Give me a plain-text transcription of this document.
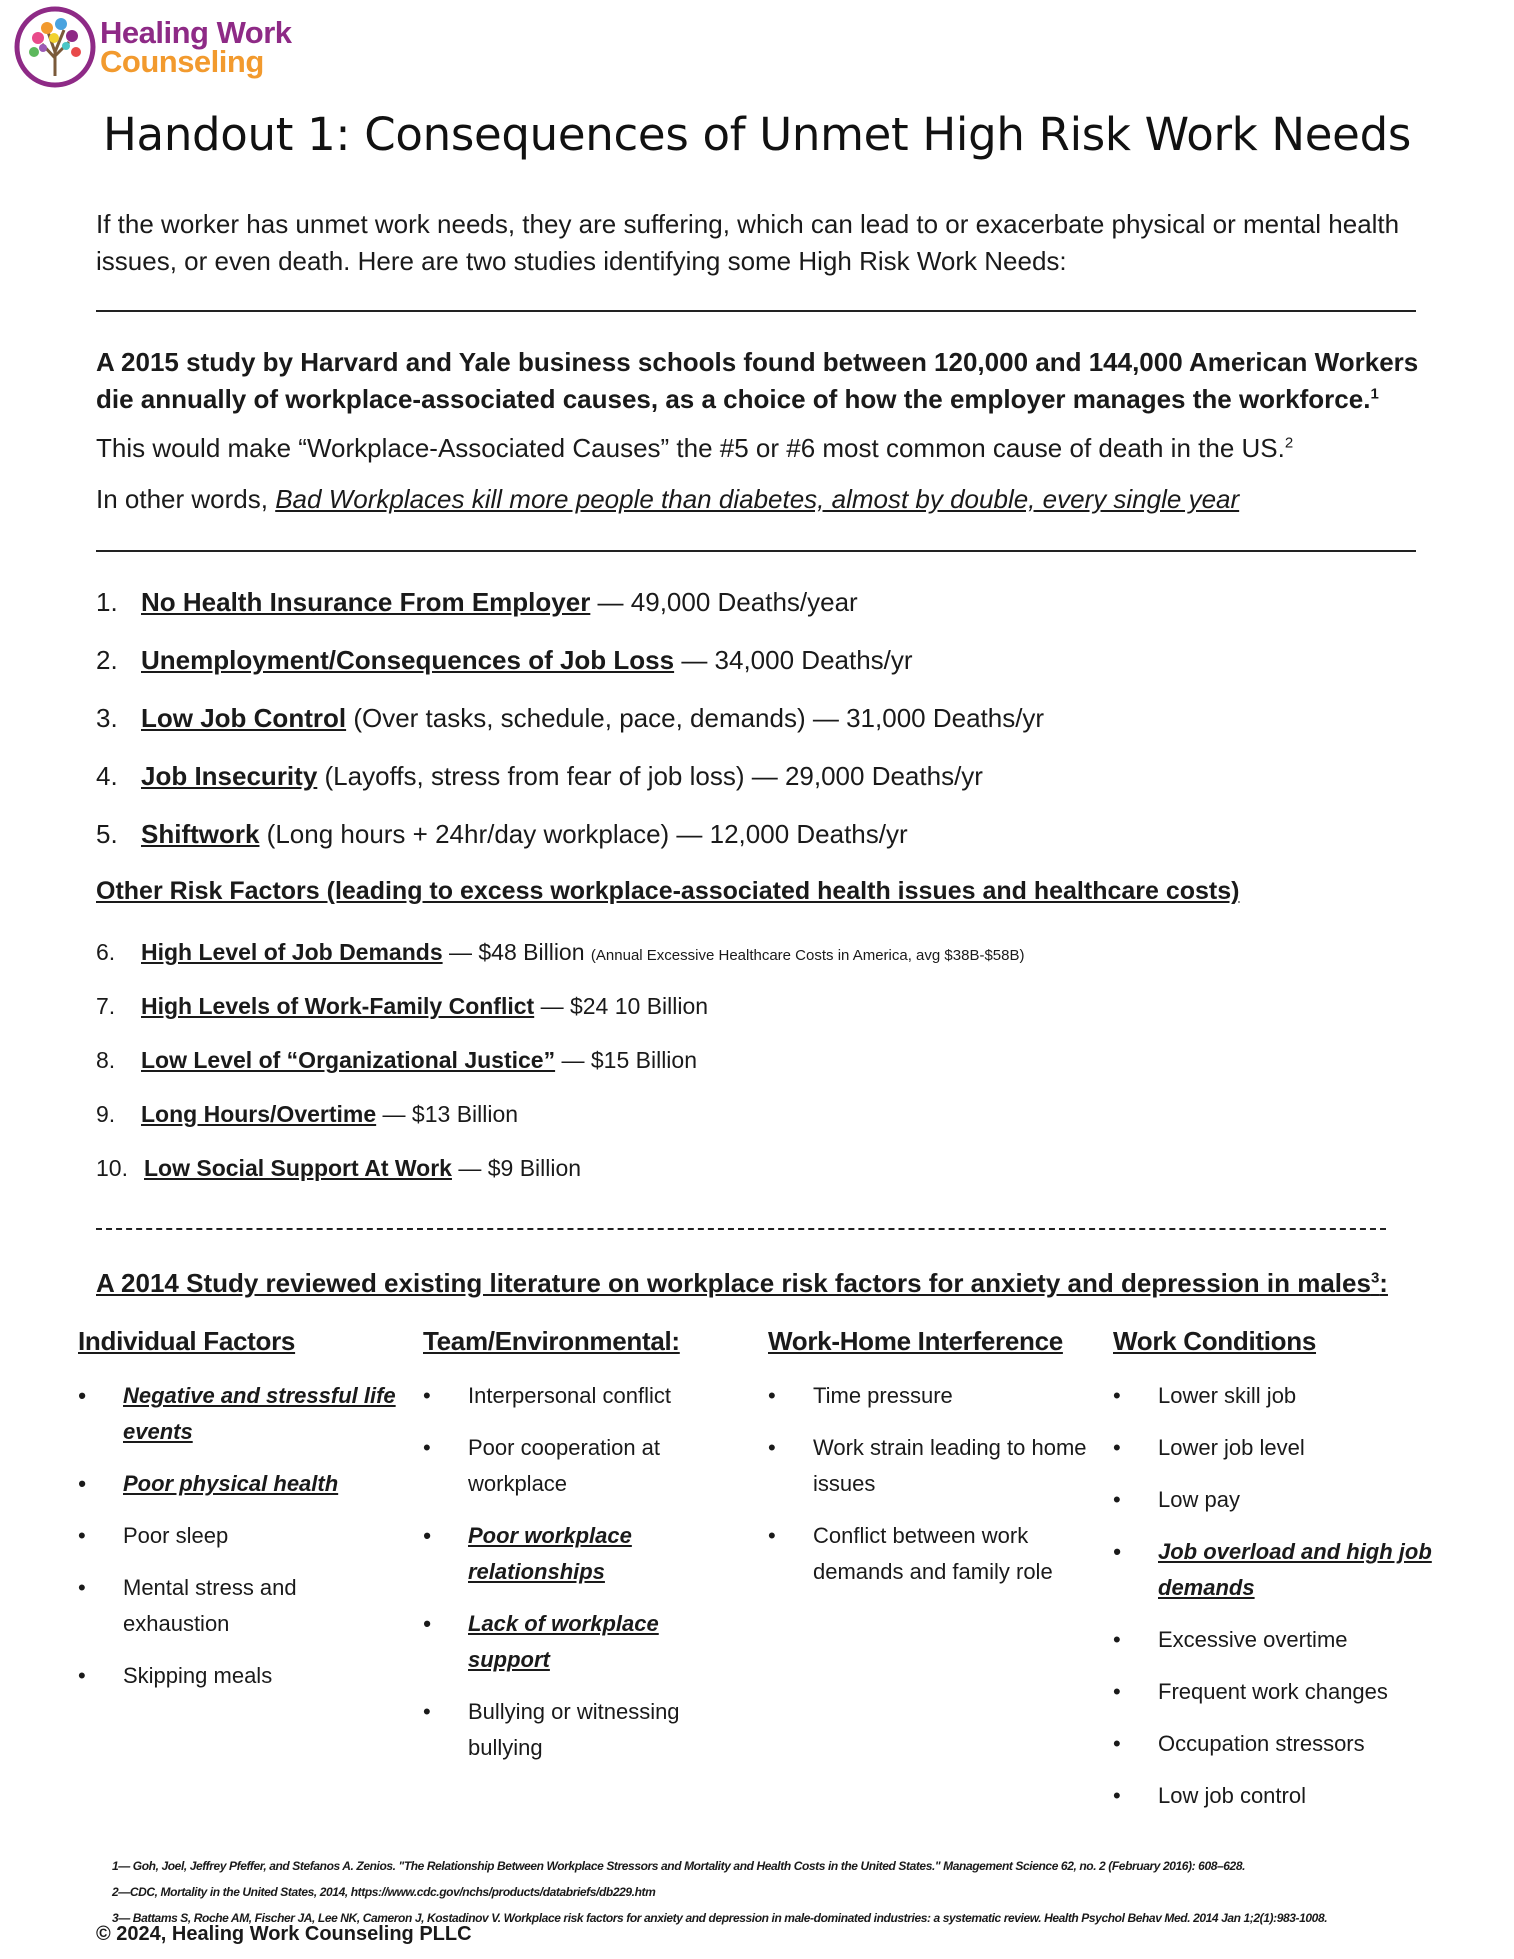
Healing Work
Counseling
Handout 1: Consequences of Unmet High Risk Work Needs

If the worker has unmet work needs, they are suffering, which can lead to or exacerbate physical or mental health issues, or even death. Here are two studies identifying some High Risk Work Needs:

A 2015 study by Harvard and Yale business schools found between 120,000 and 144,000 American Workers die annually of workplace-associated causes, as a choice of how the employer manages the workforce.$^1$

This would make “Workplace-Associated Causes” the #5 or #6 most common cause of death in the US.$^2$

In other words, Bad Workplaces kill more people than diabetes, almost by double, every single year

1. No Health Insurance From Employer — 49,000 Deaths/year
2. Unemployment/Consequences of Job Loss — 34,000 Deaths/yr
3. Low Job Control (Over tasks, schedule, pace, demands) — 31,000 Deaths/yr
4. Job Insecurity (Layoffs, stress from fear of job loss) — 29,000 Deaths/yr
5. Shiftwork (Long hours + 24hr/day workplace) — 12,000 Deaths/yr
Other Risk Factors (leading to excess workplace-associated health issues and healthcare costs)
6. High Level of Job Demands — $48 Billion (Annual Excessive Healthcare Costs in America, avg $38B-$58B)
7. High Levels of Work-Family Conflict — $24 10 Billion
8. Low Level of “Organizational Justice” — $15 Billion
9. Long Hours/Overtime — $13 Billion
10. Low Social Support At Work — $9 Billion
A 2014 Study reviewed existing literature on workplace risk factors for anxiety and depression in males$^3$:
Individual Factors
• Negative and stressful life events
• Poor physical health
• Poor sleep
• Mental stress and exhaustion
• Skipping meals
Team/Environmental:
• Interpersonal conflict
• Poor cooperation at workplace
• Poor workplace relationships
• Lack of workplace support
• Bullying or witnessing bullying
Work-Home Interference
• Time pressure
• Work strain leading to home issues
• Conflict between work demands and family role
Work Conditions
• Lower skill job
• Lower job level
• Low pay
• Job overload and high job demands
• Excessive overtime
• Frequent work changes
• Occupation stressors
• Low job control
1— Goh, Joel, Jeffrey Pfeffer, and Stefanos A. Zenios. "The Relationship Between Workplace Stressors and Mortality and Health Costs in the United States." Management Science 62, no. 2 (February 2016): 608–628.
2—CDC, Mortality in the United States, 2014, https://www.cdc.gov/nchs/products/databriefs/db229.htm
3— Battams S, Roche AM, Fischer JA, Lee NK, Cameron J, Kostadinov V. Workplace risk factors for anxiety and depression in male-dominated industries: a systematic review. Health Psychol Behav Med. 2014 Jan 1;2(1):983-1008.
© 2024, Healing Work Counseling PLLC
